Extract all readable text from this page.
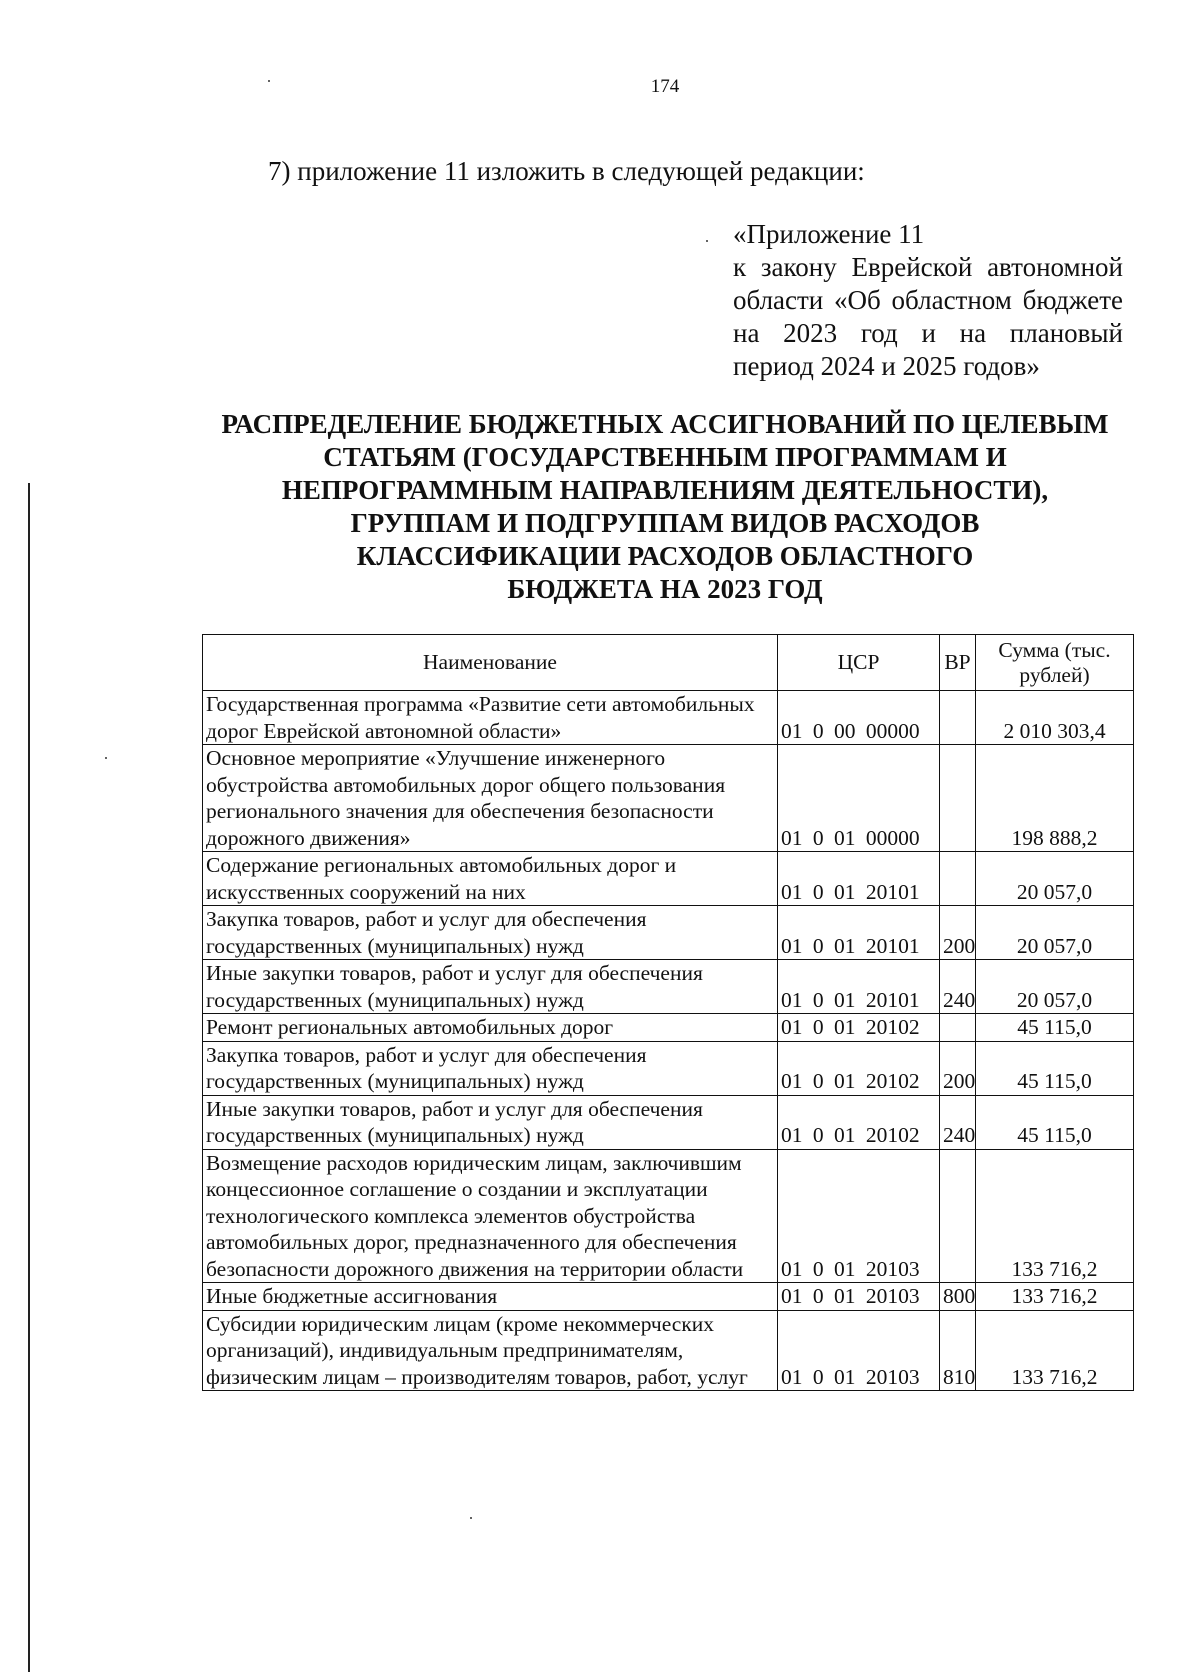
174
7) приложение 11 изложить в следующей редакции:
«Приложение 11
к закону Еврейской автономной
области «Об областном бюджете
на 2023 год и на плановый
период 2024 и 2025 годов»
РАСПРЕДЕЛЕНИЕ БЮДЖЕТНЫХ АССИГНОВАНИЙ ПО ЦЕЛЕВЫМ
СТАТЬЯМ (ГОСУДАРСТВЕННЫМ ПРОГРАММАМ И
НЕПРОГРАММНЫМ НАПРАВЛЕНИЯМ ДЕЯТЕЛЬНОСТИ),
ГРУППАМ И ПОДГРУППАМ ВИДОВ РАСХОДОВ
КЛАССИФИКАЦИИ РАСХОДОВ ОБЛАСТНОГО
БЮДЖЕТА НА 2023 ГОД
Наименование	ЦСР	ВР	Сумма (тыс. рублей)
Государственная программа «Развитие сети автомобильных дорог Еврейской автономной области»	01 0 00 00000		2 010 303,4
Основное мероприятие «Улучшение инженерного обустройства автомобильных дорог общего пользования регионального значения для обеспечения безопасности дорожного движения»	01 0 01 00000		198 888,2
Содержание региональных автомобильных дорог и искусственных сооружений на них	01 0 01 20101		20 057,0
Закупка товаров, работ и услуг для обеспечения государственных (муниципальных) нужд	01 0 01 20101	200	20 057,0
Иные закупки товаров, работ и услуг для обеспечения государственных (муниципальных) нужд	01 0 01 20101	240	20 057,0
Ремонт региональных автомобильных дорог	01 0 01 20102		45 115,0
Закупка товаров, работ и услуг для обеспечения государственных (муниципальных) нужд	01 0 01 20102	200	45 115,0
Иные закупки товаров, работ и услуг для обеспечения государственных (муниципальных) нужд	01 0 01 20102	240	45 115,0
Возмещение расходов юридическим лицам, заключившим концессионное соглашение о создании и эксплуатации технологического комплекса элементов обустройства автомобильных дорог, предназначенного для обеспечения безопасности дорожного движения на территории области	01 0 01 20103		133 716,2
Иные бюджетные ассигнования	01 0 01 20103	800	133 716,2
Субсидии юридическим лицам (кроме некоммерческих организаций), индивидуальным предпринимателям, физическим лицам – производителям товаров, работ, услуг	01 0 01 20103	810	133 716,2
